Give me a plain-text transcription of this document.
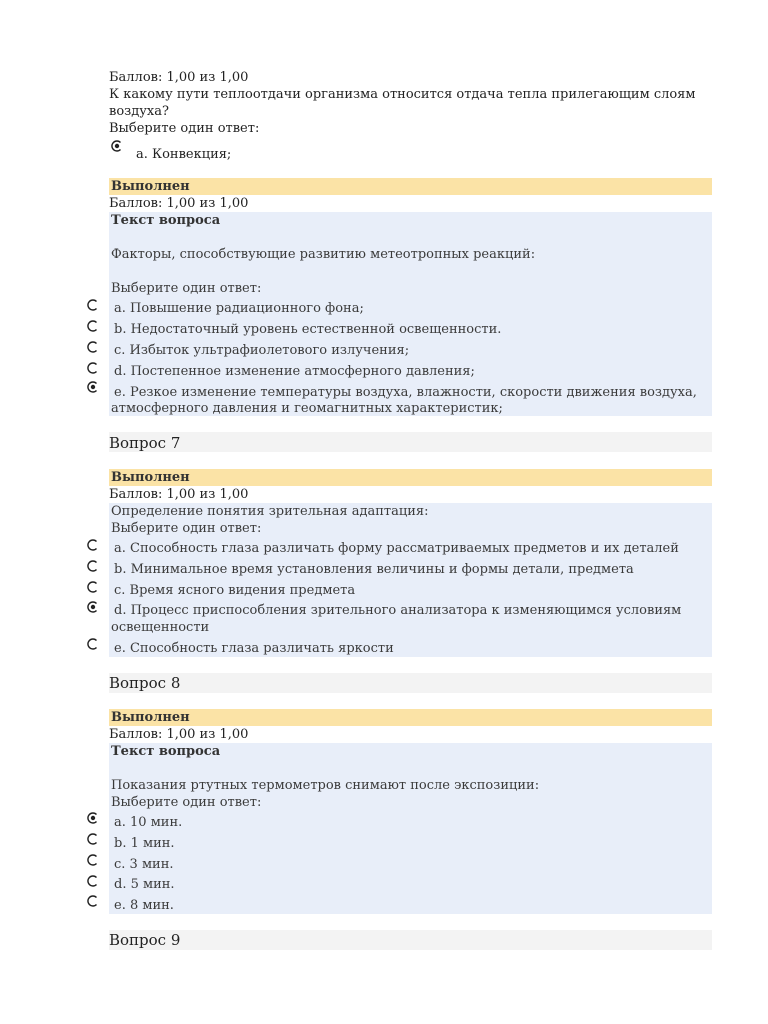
Баллов: 1,00 из 1,00
К какому пути теплоотдачи организма относится отдача тепла прилегающим слоям
воздуха?
Выберите один ответ:
a. Конвекция;
Выполнен
Баллов: 1,00 из 1,00
Текст вопроса
Факторы, способствующие развитию метеотропных реакций:
Выберите один ответ:
a. Повышение радиационного фона;
b. Недостаточный уровень естественной освещенности.
c. Избыток ультрафиолетового излучения;
d. Постепенное изменение атмосферного давления;
e. Резкое изменение температуры воздуха, влажности, скорости движения воздуха,
атмосферного давления и геомагнитных характеристик;
Вопрос 7
Выполнен
Баллов: 1,00 из 1,00
Определение понятия зрительная адаптация:
Выберите один ответ:
a. Способность глаза различать форму рассматриваемых предметов и их деталей
b. Минимальное время установления величины и формы детали, предмета
c. Время ясного видения предмета
d. Процесс приспособления зрительного анализатора к изменяющимся условиям
освещенности
e. Способность глаза различать яркости
Вопрос 8
Выполнен
Баллов: 1,00 из 1,00
Текст вопроса
Показания ртутных термометров снимают после экспозиции:
Выберите один ответ:
a. 10 мин.
b. 1 мин.
c. 3 мин.
d. 5 мин.
e. 8 мин.
Вопрос 9
